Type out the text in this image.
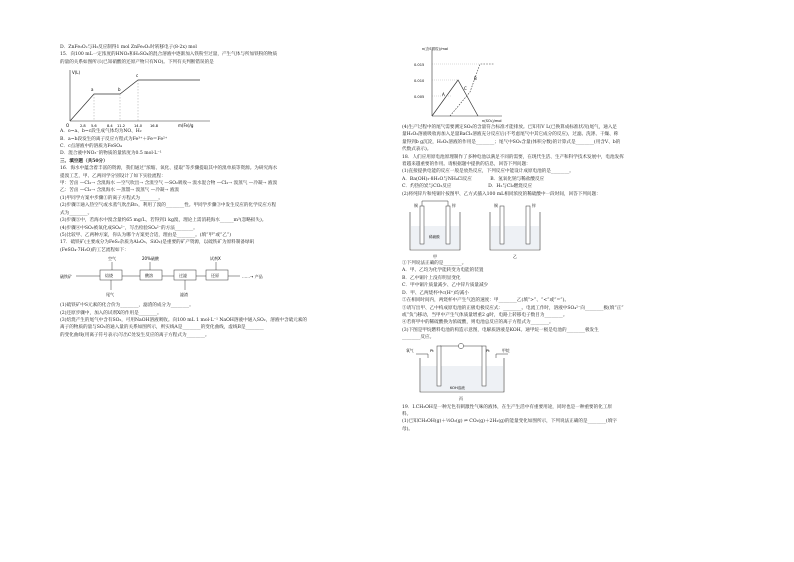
D．ZnFe₂Oₓ与H₂反应制得1 mol ZnFe₂Oₓ时转移电子(8-2x) mol
15．向100 mL一定浓度的HNO₃和H₂SO₄的混合溶液中逐渐加入铁粉至过量，产生气体与所加铁粉的物质
的量的关系如图所示(已知硝酸的还原产物只有NO)。下列有关判断错误的是
V(L)
m(Fe)/g
O	2.8 5.6	8.4 11.2 14.0 16.8
a	b
c
A．o~a、b~c段生成气体均为NO、H₂
B．a~b段发生的离子反应方程式为Fe³⁺＋Fe＝Fe²⁺
C．c点溶液中的溶质为FeSO₄
D．混合液中NO₃⁻的物质的量浓度为0.5 mol·L⁻¹
三、填空题（共50分）
16．海水中蕴含着丰富的资源，我们通过“浓缩、氧化、提取”等步骤提取其中的溴单质等资源。为研究海水
提溴工艺，甲、乙两同学分别设计了如下实验流程：
甲：苦卤 —Cl₂→ 含溴海水 —空气吹出→ 含溴空气 —SO₂吸收→ 溴水混合物 —Cl₂→ 溴蒸气 —冷凝→ 液溴
乙：苦卤 —Cl₂→ 含溴海水 —蒸馏→ 溴蒸气 —冷凝→ 液溴
(1)甲同学方案中步骤①的离子方程式为________。
(2)步骤②通入热空气或水蒸气吹出Br₂，利用了溴的________性。甲同学步骤③中发生反应的化学反应方程
式为________。
(3)步骤⑤中，若海水中溴含量约65 mg/L，若得到1 kg溴，理论上需消耗海水______m³(忽略损失)。
(4)步骤④中SO₂被氧化成SO₄²⁻，写出检验SO₄²⁻的方法________。
(5)比较甲、乙两种方案，你认为哪个方案更合适，理由是________。(填“甲”或“乙”)
17．硫铁矿(主要成分为FeS₂杂质为Al₂O₃、SiO₂)是重要的矿产资源，以硫铁矿为原料制备绿矾
(FeSO₄·7H₂O)的工艺流程如下：
空气	20%硫酸	试剂X
硫铁矿	焙烧	酸溶	过滤	还原	……→ 产品
尾气	滤渣
(1)硫铁矿中S元素的化合价为________，滤渣的成分为________。
(2)还原步骤中，加入的试剂X的作用是________。
(3)焙烧产生的尾气中含有SO₂，可用NaOH溶液吸收。向100 mL 1 mol·L⁻¹ NaOH溶液中通入SO₂，溶液中含硫元素的
离子的物质的量与SO₂的通入量的关系如图所示，则实线A是________的变化曲线，虚线B是________
的变化曲线(用离子符号表示)写出C处发生反应的离子方程式为________。
n(含S微粒)/mol
n(SO₂)/mol
0.015
0.010
0.005	A
B
C
(4)生产过程中的尾气需要测定SO₂的含量符合标准才能排放。已知有V L(已换算成标准状况)尾气，通入足
量H₂O₂溶液吸收再加入足量BaCl₂溶液充分反应后(不考虑尾气中其它成分的反应)，过滤、洗涤、干燥、称
量得到b g沉淀，H₂O₂溶液的作用是________；尾气中SO₂含量(体积分数)的计算式是________(用含V、b的
代数式表示)。
18．人们应用原电池原理制作了多种电池以满足不同的需要，在现代生活、生产和科学技术发展中，电池发挥
着越来越重要的作用。请根据题中提供的信息，回答下列问题：
(1)直接提供电能的反应一般是放热反应，下列反应中能设计成原电池的是________。
A．Ba(OH)₂·8H₂O与NH₄Cl反应　　　　B．氢氧化钠与稀盐酸反应
C．灼热的炭与CO₂反应　　　　　　　　D．H₂与Cl₂燃烧反应
(2)将纯锌片和纯铜片按图甲、乙方式插入100 mL相同浓度的稀硫酸中一段时间，回答下列问题：
铜	锌
稀硫酸
甲
铜	锌
乙
①下列说法正确的是________。
A．甲、乙均为化学能转变为电能的装置
B．乙中铜片上没有明显变化
C．甲中铜片质量减少、乙中锌片质量减少
D．甲、乙两烧杯中c(H⁺)均减小
②在相同时间内，两烧杯中产生气泡的速度：甲________乙(填“>”、“<”或“=”)。
③请写出甲、乙中构成原电池的正极电极反应式：________。电流工作时，溶液中SO₄²⁻向________极(填“正”
或“负”)移动，当甲中产生气体质量增重2 g时，电路上转移电子数目为________。
④若将甲中的稀硫酸换为浓硫酸，则电池总反应的离子方程式为________。
(3)下图是甲烷燃料电池的构造示意图，电解质溶液是KOH。通甲烷一极是电池的________极发生
________反应。
氧气	Pt	Pt	甲烷
KOH溶液
丙
19．Ⅰ.CH₃OH是一种无色有刺激性气味的液体，在生产生活中有重要用途，同时也是一种重要的化工原
料。
(1)已知CH₃OH(g)＋½O₂(g) ⇌ CO₂(g)＋2H₂(g)的能量变化如图所示，下列说法正确的是________(填字
母)。
